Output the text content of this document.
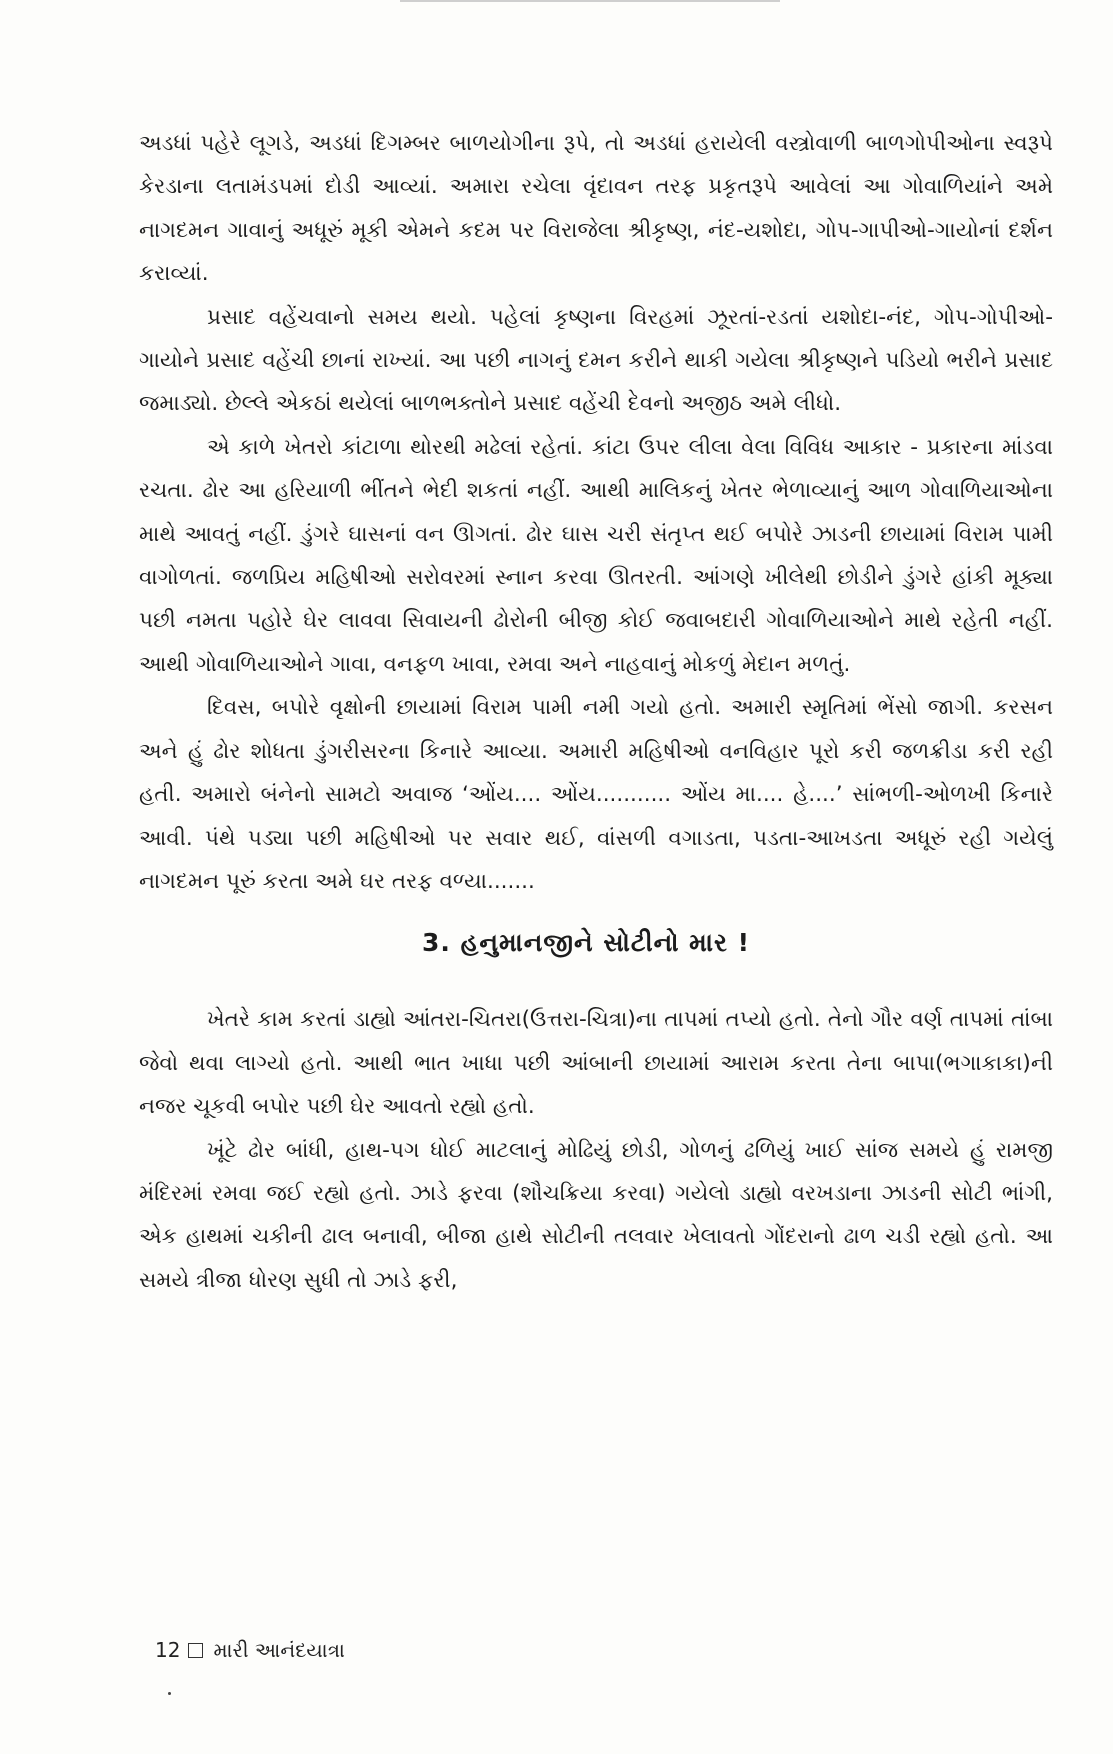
અડધાં પહેરે લૂગડે, અડધાં દિગમ્બર બાળયોગીના રૂપે, તો અડધાં હરાયેલી વસ્ત્રોવાળી બાળગોપીઓના સ્વરૂપે કેરડાના લતામંડપમાં દોડી આવ્યાં. અમારા રચેલા વૃંદાવન તરફ પ્રકૃતરૂપે આવેલાં આ ગોવાળિયાંને અમે નાગદમન ગાવાનું અધૂરું મૂકી એમને કદમ પર વિરાજેલા શ્રીકૃષ્ણ, નંદ-યશોદા, ગોપ-ગાપીઓ-ગાયોનાં દર્શન કરાવ્યાં.

પ્રસાદ વહેંચવાનો સમય થયો. પહેલાં કૃષ્ણના વિરહમાં ઝૂરતાં-રડતાં યશોદા-નંદ, ગોપ-ગોપીઓ-ગાયોને પ્રસાદ વહેંચી છાનાં રાખ્યાં. આ પછી નાગનું દમન કરીને થાકી ગયેલા શ્રીકૃષ્ણને પડિયો ભરીને પ્રસાદ જમાડ્યો. છેલ્લે એકઠાં થયેલાં બાળભક્તોને પ્રસાદ વહેંચી દેવનો અજીઠ અમે લીધો.

એ કાળે ખેતરો કાંટાળા થોરથી મઢેલાં રહેતાં. કાંટા ઉપર લીલા વેલા વિવિધ આકાર - પ્રકારના માંડવા રચતા. ઢોર આ હરિયાળી ભીંતને ભેદી શકતાં નહીં. આથી માલિકનું ખેતર ભેળાવ્યાનું આળ ગોવાળિયાઓના માથે આવતું નહીં. ડુંગરે ઘાસનાં વન ઊગતાં. ઢોર ઘાસ ચરી સંતૃપ્ત થઈ બપોરે ઝાડની છાયામાં વિરામ પામી વાગોળતાં. જળપ્રિય મહિષીઓ સરોવરમાં સ્નાન કરવા ઊતરતી. આંગણે ખીલેથી છોડીને ડુંગરે હાંકી મૂક્યા પછી નમતા પહોરે ઘેર લાવવા સિવાયની ઢોરોની બીજી કોઈ જવાબદારી ગોવાળિયાઓને માથે રહેતી નહીં. આથી ગોવાળિયાઓને ગાવા, વનફળ ખાવા, રમવા અને નાહવાનું મોકળું મેદાન મળતું.

દિવસ, બપોરે વૃક્ષોની છાયામાં વિરામ પામી નમી ગયો હતો. અમારી સ્મૃતિમાં ભેંસો જાગી. કરસન અને હું ઢોર શોધતા ડુંગરીસરના કિનારે આવ્યા. અમારી મહિષીઓ વનવિહાર પૂરો કરી જળક્રીડા કરી રહી હતી. અમારો બંનેનો સામટો અવાજ ‘ઓંય.... ઓંય........... ઓંય મા.... હે....’ સાંભળી-ઓળખી કિનારે આવી. પંથે પડ્યા પછી મહિષીઓ પર સવાર થઈ, વાંસળી વગાડતા, પડતા-આખડતા અધૂરું રહી ગયેલું નાગદમન પૂરું કરતા અમે ઘર તરફ વળ્યા.......

3. હનુમાનજીને સોટીનો માર !

ખેતરે કામ કરતાં ડાહ્યો આંતરા-ચિતરા(ઉત્તરા-ચિત્રા)ના તાપમાં તપ્યો હતો. તેનો ગૌર વર્ણ તાપમાં તાંબા જેવો થવા લાગ્યો હતો. આથી ભાત ખાધા પછી આંબાની છાયામાં આરામ કરતા તેના બાપા(ભગાકાકા)ની નજર ચૂકવી બપોર પછી ઘેર આવતો રહ્યો હતો.

ખૂંટે ઢોર બાંધી, હાથ-પગ ધોઈ માટલાનું મોઢિયું છોડી, ગોળનું ઢળિયું ખાઈ સાંજ સમયે હું રામજી મંદિરમાં રમવા જઈ રહ્યો હતો. ઝાડે ફરવા (શૌચક્રિયા કરવા) ગયેલો ડાહ્યો વરખડાના ઝાડની સોટી ભાંગી, એક હાથમાં ચકીની ઢાલ બનાવી, બીજા હાથે સોટીની તલવાર ખેલાવતો ગોંદરાનો ઢાળ ચડી રહ્યો હતો. આ સમયે ત્રીજા ધોરણ સુધી તો ઝાડે ફરી,

12 મારી આનંદયાત્રા
